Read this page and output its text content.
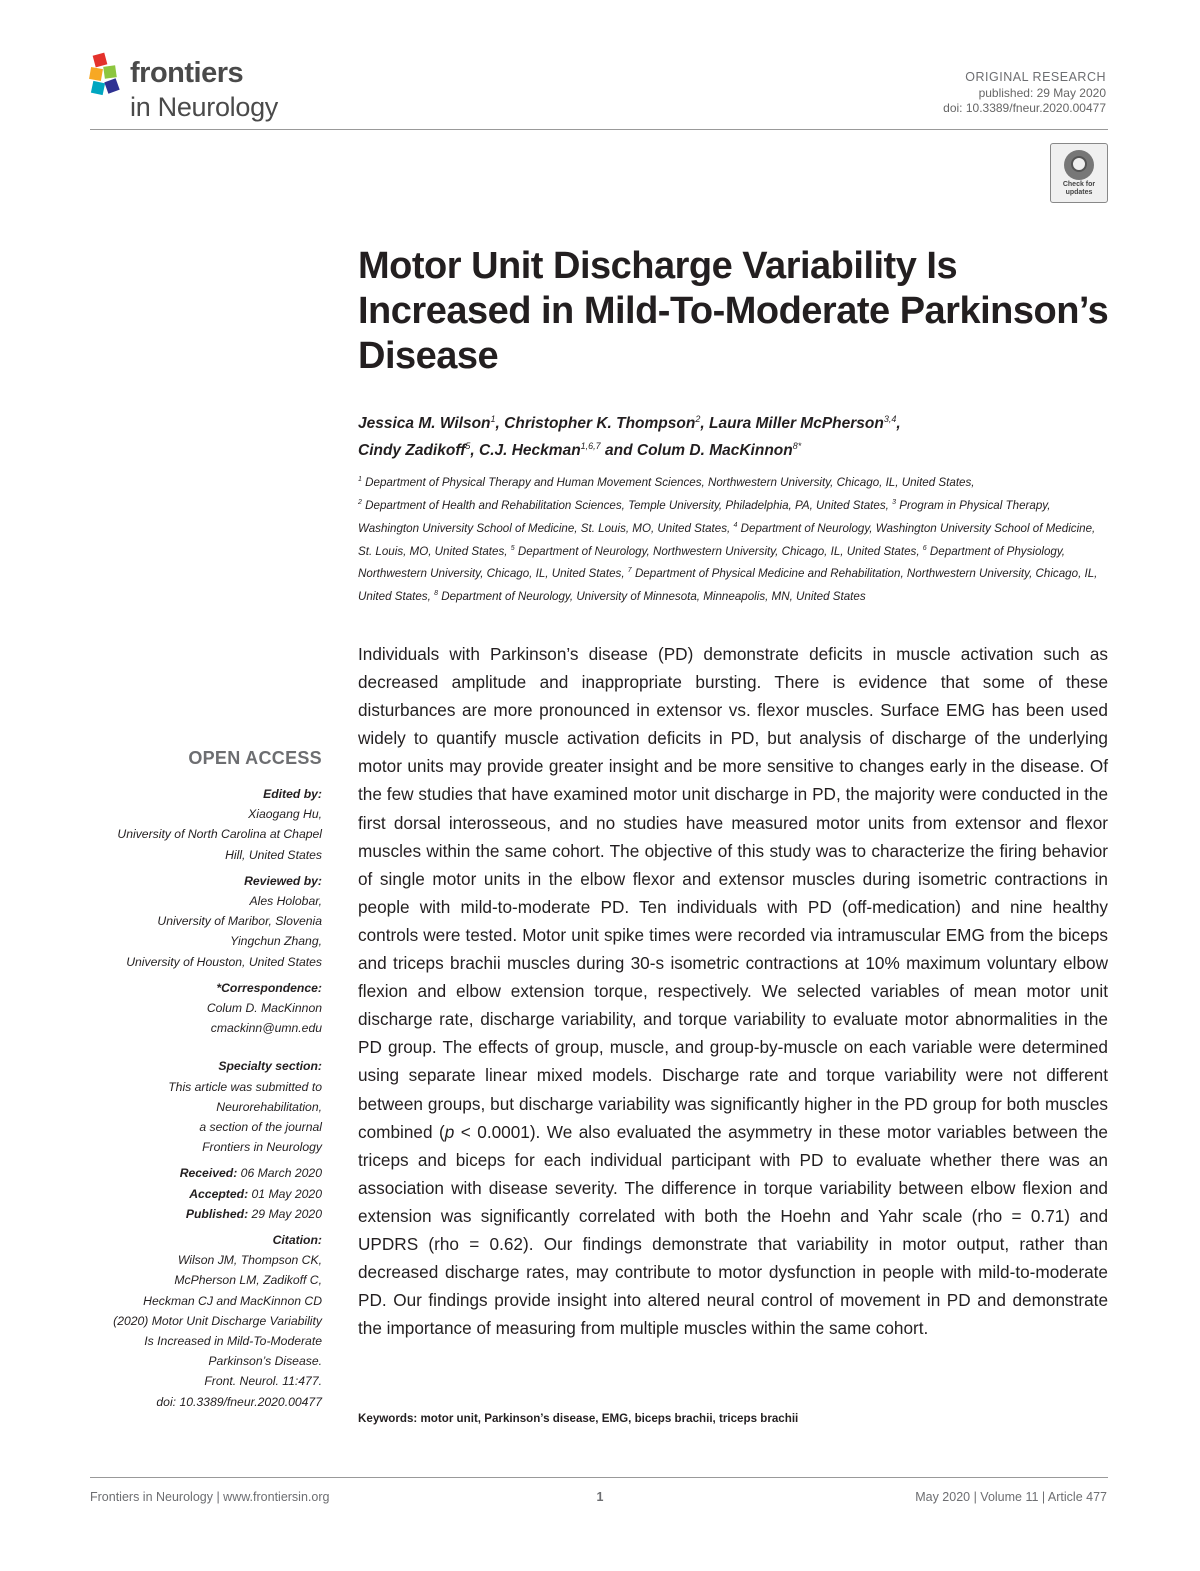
frontiers
in Neurology
ORIGINAL RESEARCH
published: 29 May 2020
doi: 10.3389/fneur.2020.00477
Check for
updates
Motor Unit Discharge Variability Is Increased in Mild-To-Moderate Parkinson’s Disease
Jessica M. Wilson$^1$, Christopher K. Thompson$^2$, Laura Miller McPherson$^{3,4}$,
Cindy Zadikoff$^5$, C.J. Heckman$^{1,6,7}$ and Colum D. MacKinnon$^{8*}$
$^1$ Department of Physical Therapy and Human Movement Sciences, Northwestern University, Chicago, IL, United States,
$^2$ Department of Health and Rehabilitation Sciences, Temple University, Philadelphia, PA, United States, $^3$ Program in Physical Therapy, Washington University School of Medicine, St. Louis, MO, United States, $^4$ Department of Neurology, Washington University School of Medicine, St. Louis, MO, United States, $^5$ Department of Neurology, Northwestern University, Chicago, IL, United States, $^6$ Department of Physiology, Northwestern University, Chicago, IL, United States, $^7$ Department of Physical Medicine and Rehabilitation, Northwestern University, Chicago, IL, United States, $^8$ Department of Neurology, University of Minnesota, Minneapolis, MN, United States
Individuals with Parkinson’s disease (PD) demonstrate deficits in muscle activation such as decreased amplitude and inappropriate bursting. There is evidence that some of these disturbances are more pronounced in extensor vs. flexor muscles. Surface EMG has been used widely to quantify muscle activation deficits in PD, but analysis of discharge of the underlying motor units may provide greater insight and be more sensitive to changes early in the disease. Of the few studies that have examined motor unit discharge in PD, the majority were conducted in the first dorsal interosseous, and no studies have measured motor units from extensor and flexor muscles within the same cohort. The objective of this study was to characterize the firing behavior of single motor units in the elbow flexor and extensor muscles during isometric contractions in people with mild-to-moderate PD. Ten individuals with PD (off-medication) and nine healthy controls were tested. Motor unit spike times were recorded via intramuscular EMG from the biceps and triceps brachii muscles during 30-s isometric contractions at 10% maximum voluntary elbow flexion and elbow extension torque, respectively. We selected variables of mean motor unit discharge rate, discharge variability, and torque variability to evaluate motor abnormalities in the PD group. The effects of group, muscle, and group-by-muscle on each variable were determined using separate linear mixed models. Discharge rate and torque variability were not different between groups, but discharge variability was significantly higher in the PD group for both muscles combined (p < 0.0001). We also evaluated the asymmetry in these motor variables between the triceps and biceps for each individual participant with PD to evaluate whether there was an association with disease severity. The difference in torque variability between elbow flexion and extension was significantly correlated with both the Hoehn and Yahr scale (rho = 0.71) and UPDRS (rho = 0.62). Our findings demonstrate that variability in motor output, rather than decreased discharge rates, may contribute to motor dysfunction in people with mild-to-moderate PD. Our findings provide insight into altered neural control of movement in PD and demonstrate the importance of measuring from multiple muscles within the same cohort.
Keywords: motor unit, Parkinson’s disease, EMG, biceps brachii, triceps brachii
OPEN ACCESS
Edited by:
Xiaogang Hu,
University of North Carolina at Chapel
Hill, United States
Reviewed by:
Ales Holobar,
University of Maribor, Slovenia
Yingchun Zhang,
University of Houston, United States
*Correspondence:
Colum D. MacKinnon
cmackinn@umn.edu
Specialty section:
This article was submitted to
Neurorehabilitation,
a section of the journal
Frontiers in Neurology
Received: 06 March 2020
Accepted: 01 May 2020
Published: 29 May 2020
Citation:
Wilson JM, Thompson CK,
McPherson LM, Zadikoff C,
Heckman CJ and MacKinnon CD
(2020) Motor Unit Discharge Variability
Is Increased in Mild-To-Moderate
Parkinson’s Disease.
Front. Neurol. 11:477.
doi: 10.3389/fneur.2020.00477
Frontiers in Neurology | www.frontiersin.org	1	May 2020 | Volume 11 | Article 477
